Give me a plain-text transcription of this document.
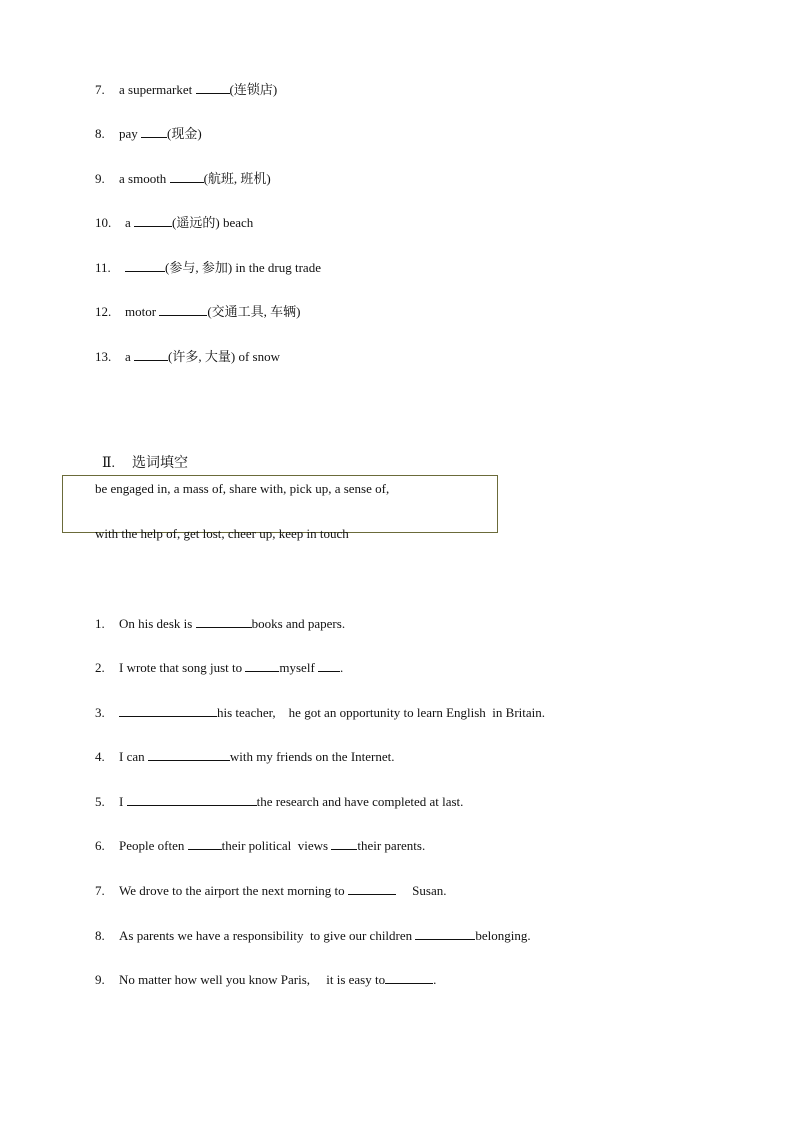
7. a supermarket	(连锁店)
8. pay (现金)
9. a smooth	(航班, 班机)
10. a	(遥远的) beach
11.	(参与, 参加) in the drug trade
12. motor	(交通工具, 车辆)
13. a	(许多, 大量) of snow

Ⅱ. 选词填空

be engaged in, a mass of, share with, pick up, a sense of,
with the help of, get lost, cheer up, keep in touch
1. On his desk is	books and papers.
2. I wrote that song just to	myself .
3.	his teacher,    he got an opportunity to learn English  in Britain.
4. I can	with my friends on the Internet.
5. I	the research and have completed at last.
6. People often	their political  views their parents.
7. We drove to the airport the next morning to	Susan.
8. As parents we have a responsibility  to give our children	belonging.
9. No matter how well you know Paris,     it is easy to	.
